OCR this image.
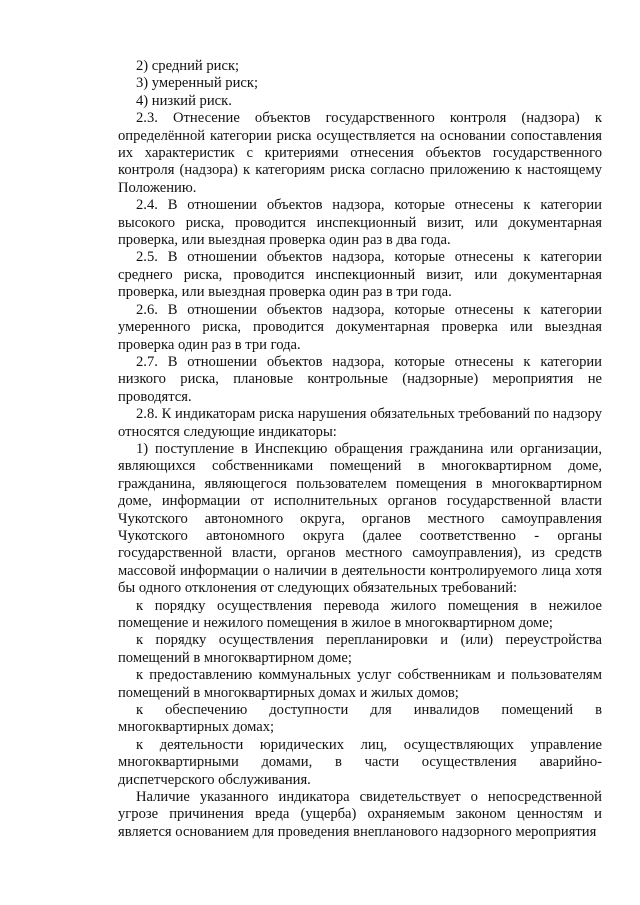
2) средний риск;

3) умеренный риск;

4) низкий риск.

2.3. Отнесение объектов государственного контроля (надзора) к определённой категории риска осуществляется на основании сопоставления их характеристик с критериями отнесения объектов государственного контроля (надзора) к категориям риска согласно приложению к настоящему Положению.

2.4. В отношении объектов надзора, которые отнесены к категории высокого риска, проводится инспекционный визит, или документарная проверка, или выездная проверка один раз в два года.

2.5. В отношении объектов надзора, которые отнесены к категории среднего риска, проводится инспекционный визит, или документарная проверка, или выездная проверка один раз в три года.

2.6. В отношении объектов надзора, которые отнесены к категории умеренного риска, проводится документарная проверка или выездная проверка один раз в три года.

2.7. В отношении объектов надзора, которые отнесены к категории низкого риска, плановые контрольные (надзорные) мероприятия не проводятся.

2.8. К индикаторам риска нарушения обязательных требований по надзору относятся следующие индикаторы:

1) поступление в Инспекцию обращения гражданина или организации, являющихся собственниками помещений в многоквартирном доме, гражданина, являющегося пользователем помещения в многоквартирном доме, информации от исполнительных органов государственной власти Чукотского автономного округа, органов местного самоуправления Чукотского автономного округа (далее соответственно - органы государственной власти, органов местного самоуправления), из средств массовой информации о наличии в деятельности контролируемого лица хотя бы одного отклонения от следующих обязательных требований:

к порядку осуществления перевода жилого помещения в нежилое помещение и нежилого помещения в жилое в многоквартирном доме;

к порядку осуществления перепланировки и (или) переустройства помещений в многоквартирном доме;

к предоставлению коммунальных услуг собственникам и пользователям помещений в многоквартирных домах и жилых домов;

к обеспечению доступности для инвалидов помещений в многоквартирных домах;

к деятельности юридических лиц, осуществляющих управление многоквартирными домами, в части осуществления аварийно-диспетчерского обслуживания.

Наличие указанного индикатора свидетельствует о непосредственной угрозе причинения вреда (ущерба) охраняемым законом ценностям и является основанием для проведения внепланового надзорного мероприятия
